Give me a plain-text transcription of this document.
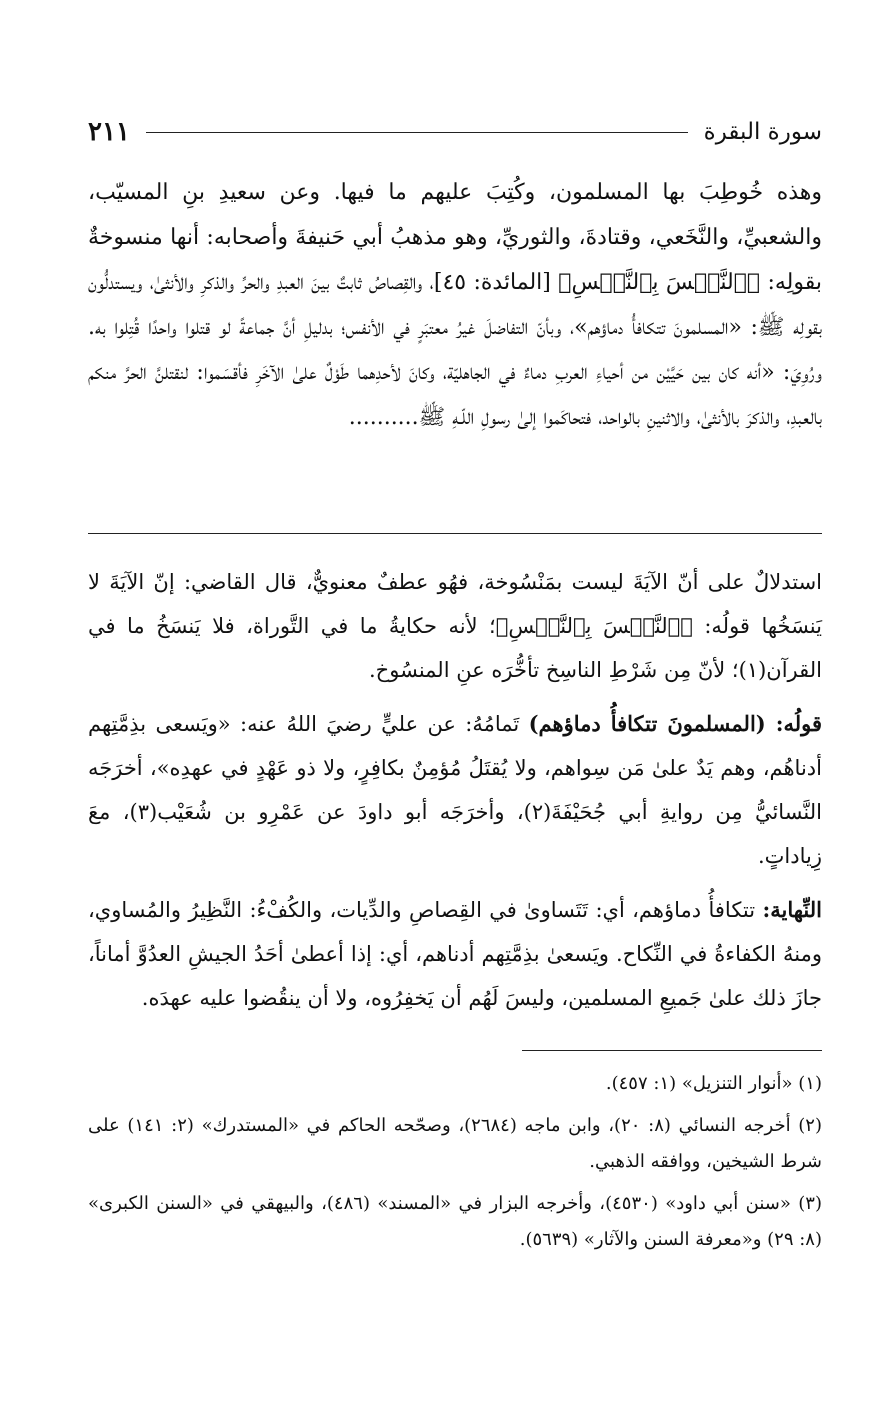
سورة البقرة
٢١١

وهذه خُوطِبَ بها المسلمون، وكُتِبَ عليهم ما فيها. وعن سعيدِ بنِ المسيّب، والشعبيِّ، والنَّخَعي، وقتادةَ، والثوريِّ، وهو مذهبُ أبي حَنيفةَ وأصحابه: أنها منسوخةٌ بقولِه: ﴿ٱلنَّفۡسَ بِٱلنَّفۡسِ﴾ [المائدة: ٤٥]، والقِصاصُ ثابتٌ بينَ العبدِ والحرِّ والذكرِ والأنثىٰ، ويستدلُّون بقولِه ﷺ: «المسلمونَ تتكافأُ دماؤهم»، وبأنّ التفاضلَ غيرُ معتبَرٍ في الأنفس؛ بدليلِ أنَّ جماعةً لو قتلوا واحدًا قُتِلوا به. ورُوِيَ: «أنه كان بين حَيَّيْن من أحياءِ العربِ دماءٌ في الجاهليّة، وكانَ لأحدِهما طَوْلٌ علىٰ الآخَرِ فأقسَموا: لنقتلنَّ الحرَّ منكم بالعبدِ، والذكرَ بالأنثىٰ، والاثنينِ بالواحد، فتحاكَموا إلىٰ رسولِ اللّـهِ ﷺ..........

استدلالٌ على أنّ الآيَةَ ليست بمَنْسُوخة، فهُو عطفٌ معنويٌّ، قال القاضي: إنّ الآيَةَ لا يَنسَخُها قولُه: ﴿ٱلنَّفۡسَ بِٱلنَّفۡسِ﴾؛ لأنه حكايةُ ما في التَّوراة، فلا يَنسَخُ ما في القرآن(١)؛ لأنّ مِن شَرْطِ الناسِخ تأخُّرَه عنِ المنسُوخ.

قولُه: (المسلمونَ تتكافأُ دماؤهم) تَمامُهُ: عن عليٍّ رضيَ اللهُ عنه: «ويَسعى بذِمَّتِهم أدناهُم، وهم يَدٌ علىٰ مَن سِواهم، ولا يُقتَلُ مُؤمِنٌ بكافِرٍ، ولا ذو عَهْدٍ في عهدِه»، أخرَجَه النَّسائيُّ مِن روايةِ أبي جُحَيْفَةَ(٢)، وأخرَجَه أبو داودَ عن عَمْرِو بن شُعَيْب(٣)، معَ زِياداتٍ.

النِّهاية: تتكافأُ دماؤهم، أي: تَتَساوىٰ في القِصاصِ والدِّيات، والكُفْءُ: النَّظِيرُ والمُساوي، ومنهُ الكفاءةُ في النِّكاح. ويَسعىٰ بذِمَّتِهم أدناهم، أي: إذا أعطىٰ أحَدُ الجيشِ العدُوَّ أماناً، جازَ ذلك علىٰ جَميعِ المسلمين، وليسَ لَهُم أن يَخفِرُوه، ولا أن ينقُضوا عليه عهدَه.

(١) «أنوار التنزيل» (١: ٤٥٧).

(٢) أخرجه النسائي (٨: ٢٠)، وابن ماجه (٢٦٨٤)، وصحّحه الحاكم في «المستدرك» (٢: ١٤١) على شرط الشيخين، ووافقه الذهبي.

(٣) «سنن أبي داود» (٤٥٣٠)، وأخرجه البزار في «المسند» (٤٨٦)، والبيهقي في «السنن الكبرى» (٨: ٢٩) و«معرفة السنن والآثار» (٥٦٣٩).
